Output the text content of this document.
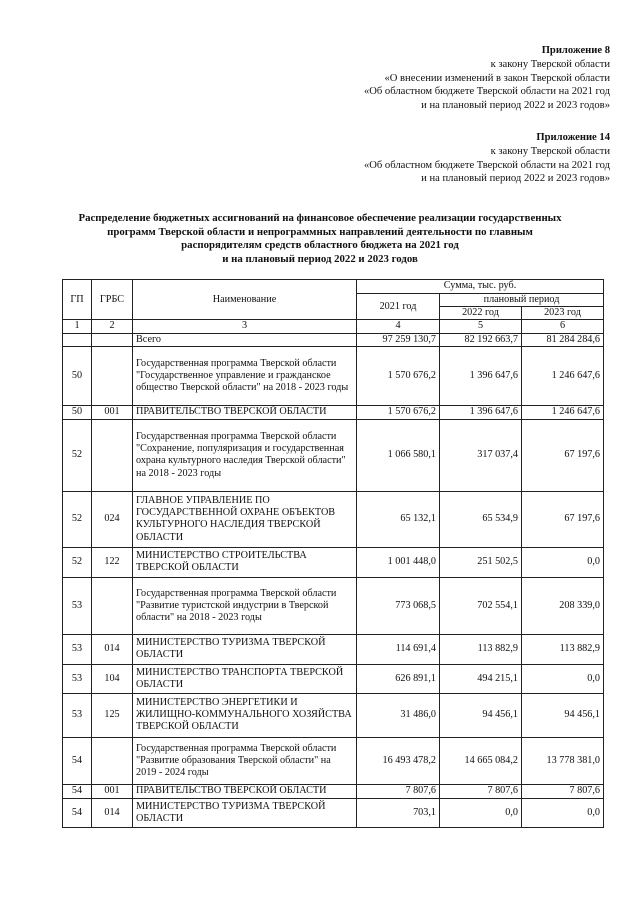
Приложение 8
к закону Тверской области
«О внесении изменений в закон Тверской области
«Об областном бюджете Тверской области на 2021 год
и на плановый период 2022 и 2023 годов»
Приложение 14
к закону Тверской области
«Об областном бюджете Тверской области на 2021 год
и на плановый период 2022 и 2023 годов»
Распределение бюджетных ассигнований на финансовое обеспечение реализации государственных
программ Тверской области и непрограммных направлений деятельности по главным
распорядителям средств областного бюджета на 2021 год
и на плановый период 2022 и 2023 годов
ГП	ГРБС	Наименование	Сумма, тыс. руб.		
			2021 год	плановый период	
				2022 год	2023 год
1	2	3	4	5	6
		Всего	97 259 130,7	82 192 663,7	81 284 284,6
50		Государственная программа Тверской области "Государственное управление и гражданское общество Тверской области" на 2018 - 2023 годы	1 570 676,2	1 396 647,6	1 246 647,6
50	001	ПРАВИТЕЛЬСТВО ТВЕРСКОЙ ОБЛАСТИ	1 570 676,2	1 396 647,6	1 246 647,6
52		Государственная программа Тверской области "Сохранение, популяризация и государственная охрана культурного наследия Тверской области" на 2018 - 2023 годы	1 066 580,1	317 037,4	67 197,6
52	024	ГЛАВНОЕ УПРАВЛЕНИЕ ПО ГОСУДАРСТВЕННОЙ ОХРАНЕ ОБЪЕКТОВ КУЛЬТУРНОГО НАСЛЕДИЯ ТВЕРСКОЙ ОБЛАСТИ	65 132,1	65 534,9	67 197,6
52	122	МИНИСТЕРСТВО СТРОИТЕЛЬСТВА ТВЕРСКОЙ ОБЛАСТИ	1 001 448,0	251 502,5	0,0
53		Государственная программа Тверской области "Развитие туристской индустрии в Тверской области" на 2018 - 2023 годы	773 068,5	702 554,1	208 339,0
53	014	МИНИСТЕРСТВО ТУРИЗМА ТВЕРСКОЙ ОБЛАСТИ	114 691,4	113 882,9	113 882,9
53	104	МИНИСТЕРСТВО ТРАНСПОРТА ТВЕРСКОЙ ОБЛАСТИ	626 891,1	494 215,1	0,0
53	125	МИНИСТЕРСТВО ЭНЕРГЕТИКИ И ЖИЛИЩНО-КОММУНАЛЬНОГО ХОЗЯЙСТВА ТВЕРСКОЙ ОБЛАСТИ	31 486,0	94 456,1	94 456,1
54		Государственная программа Тверской области "Развитие образования Тверской области" на 2019 - 2024 годы	16 493 478,2	14 665 084,2	13 778 381,0
54	001	ПРАВИТЕЛЬСТВО ТВЕРСКОЙ ОБЛАСТИ	7 807,6	7 807,6	7 807,6
54	014	МИНИСТЕРСТВО ТУРИЗМА ТВЕРСКОЙ ОБЛАСТИ	703,1	0,0	0,0
